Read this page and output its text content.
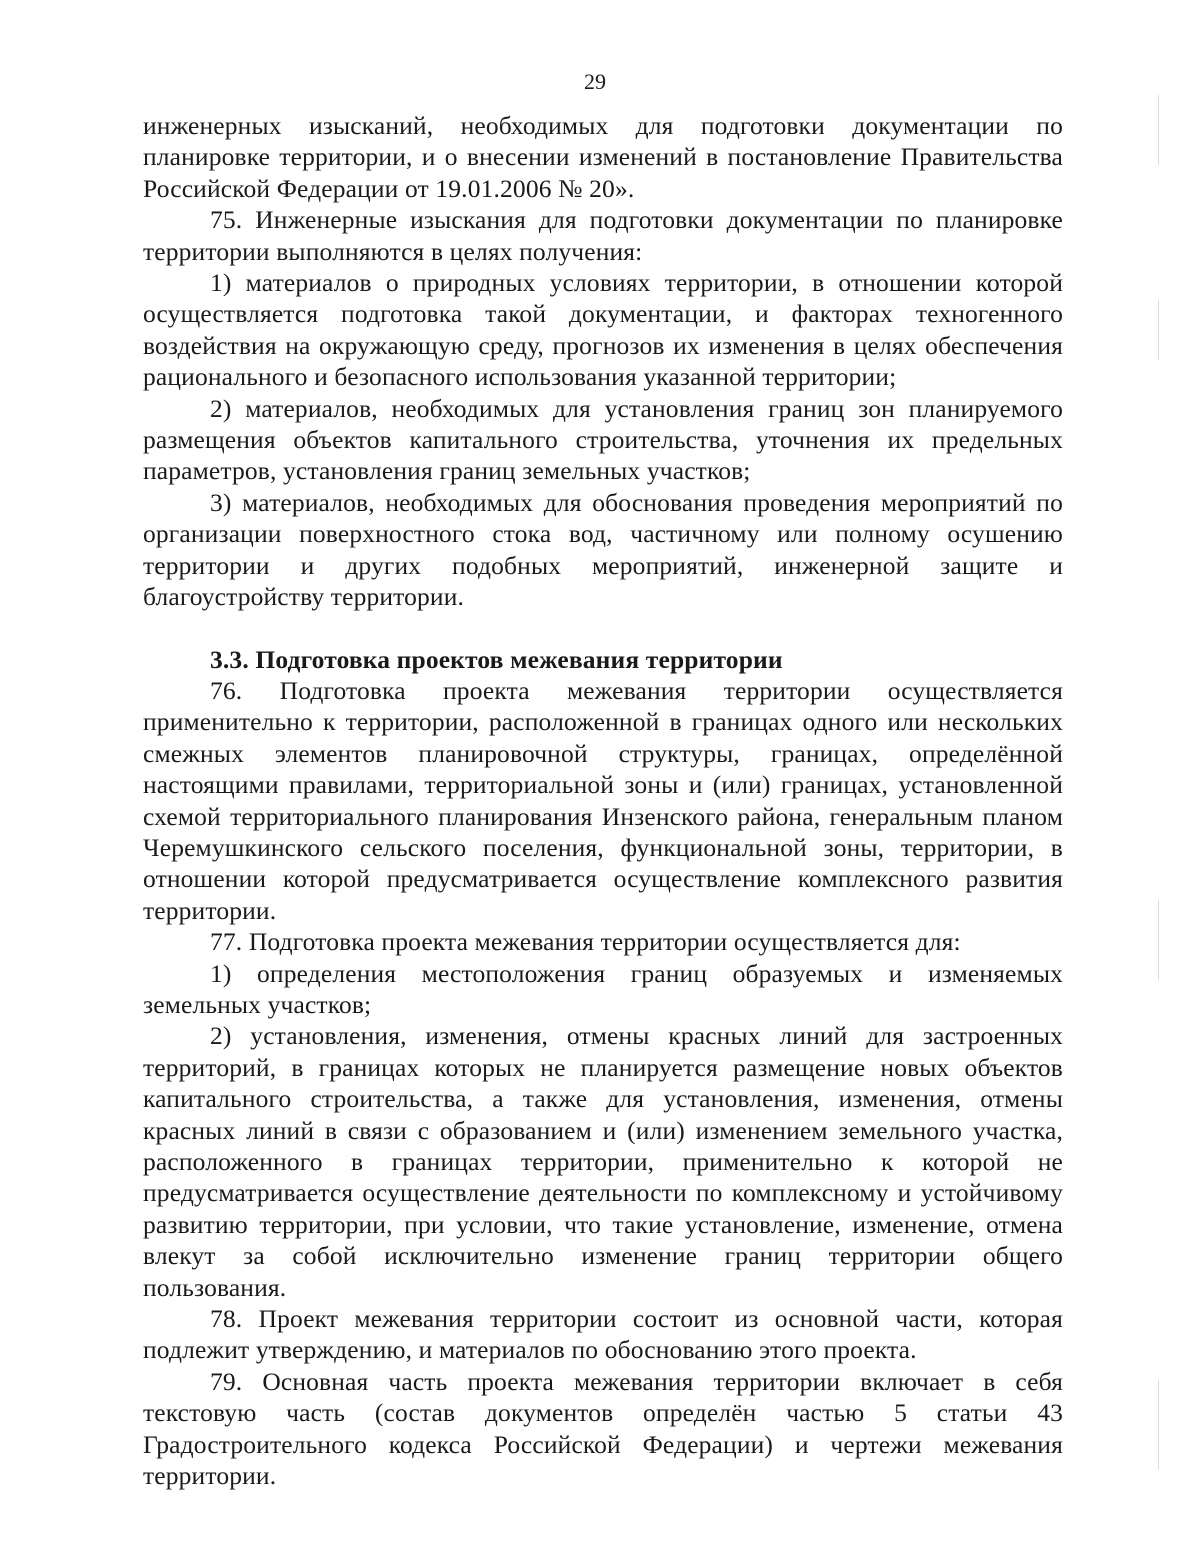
29

инженерных изысканий, необходимых для подготовки документации по планировке территории, и о внесении изменений в постановление Правительства Российской Федерации от 19.01.2006 № 20».

75. Инженерные изыскания для подготовки документации по планировке территории выполняются в целях получения:

1) материалов о природных условиях территории, в отношении которой осуществляется подготовка такой документации, и факторах техногенного воздействия на окружающую среду, прогнозов их изменения в целях обеспечения рационального и безопасного использования указанной территории;

2) материалов, необходимых для установления границ зон планируемого размещения объектов капитального строительства, уточнения их предельных параметров, установления границ земельных участков;

3) материалов, необходимых для обоснования проведения мероприятий по организации поверхностного стока вод, частичному или полному осушению территории и других подобных мероприятий, инженерной защите и благоустройству территории.

3.3. Подготовка проектов межевания территории

76. Подготовка проекта межевания территории осуществляется применительно к территории, расположенной в границах одного или нескольких смежных элементов планировочной структуры, границах, определённой настоящими правилами, территориальной зоны и (или) границах, установленной схемой территориального планирования Инзенского района, генеральным планом Черемушкинского сельского поселения, функциональной зоны, территории, в отношении которой предусматривается осуществление комплексного развития территории.

77. Подготовка проекта межевания территории осуществляется для:

1) определения местоположения границ образуемых и изменяемых земельных участков;

2) установления, изменения, отмены красных линий для застроенных территорий, в границах которых не планируется размещение новых объектов капитального строительства, а также для установления, изменения, отмены красных линий в связи с образованием и (или) изменением земельного участка, расположенного в границах территории, применительно к которой не предусматривается осуществление деятельности по комплексному и устойчивому развитию территории, при условии, что такие установление, изменение, отмена влекут за собой исключительно изменение границ территории общего пользования.

78. Проект межевания территории состоит из основной части, которая подлежит утверждению, и материалов по обоснованию этого проекта.

79. Основная часть проекта межевания территории включает в себя текстовую часть (состав документов определён частью 5 статьи 43 Градостроительного кодекса Российской Федерации) и чертежи межевания территории.
